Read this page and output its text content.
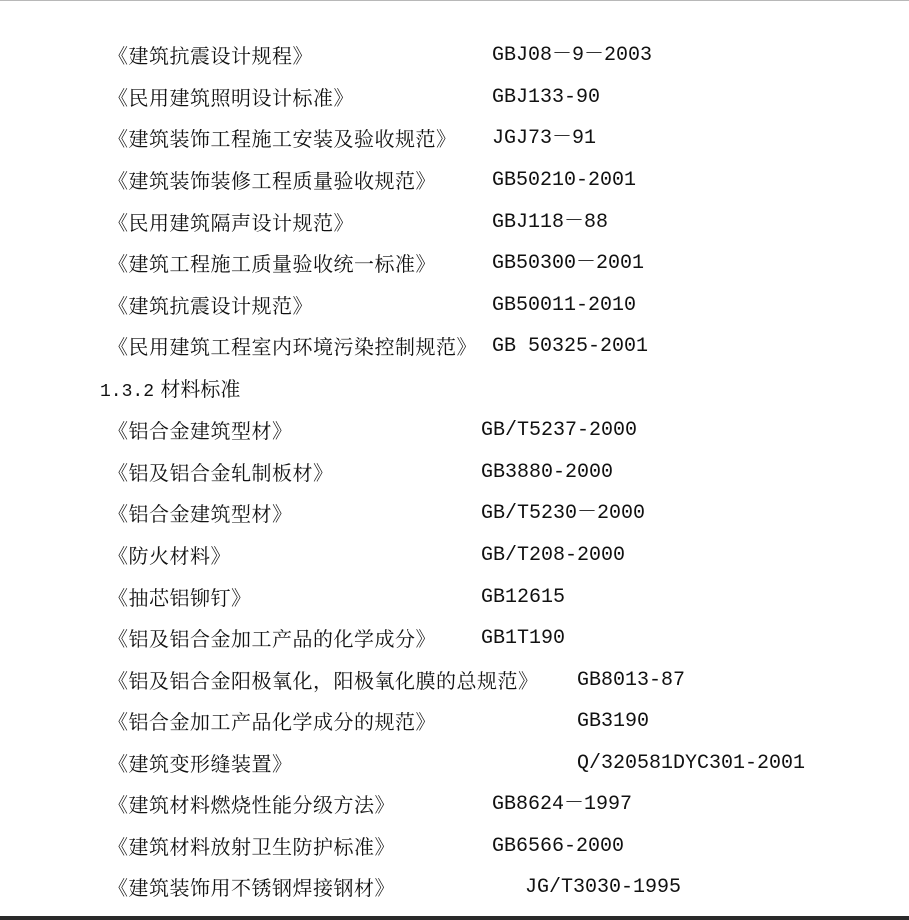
《建筑抗震设计规程》	GBJ08－9－2003
《民用建筑照明设计标准》	GBJ133-90
《建筑装饰工程施工安装及验收规范》 JGJ73－91
《建筑装饰装修工程质量验收规范》	GB50210-2001
《民用建筑隔声设计规范》	GBJ118－88
《建筑工程施工质量验收统一标准》	GB50300－2001
《建筑抗震设计规范》	GB50011-2010
《民用建筑工程室内环境污染控制规范》 GB 50325-2001
1.3.2 材料标准
《铝合金建筑型材》	GB/T5237-2000
《铝及铝合金轧制板材》	GB3880-2000
《铝合金建筑型材》	GB/T5230－2000
《防火材料》	GB/T208-2000
《抽芯铝铆钉》	GB12615
《铝及铝合金加工产品的化学成分》 GB1T190
《铝及铝合金阳极氧化，阳极氧化膜的总规范》 GB8013-87
《铝合金加工产品化学成分的规范》	GB3190
《建筑变形缝装置》	Q/320581DYC301-2001
《建筑材料燃烧性能分级方法》	GB8624－1997
《建筑材料放射卫生防护标准》	GB6566-2000
《建筑装饰用不锈钢焊接钢材》	JG/T3030-1995
